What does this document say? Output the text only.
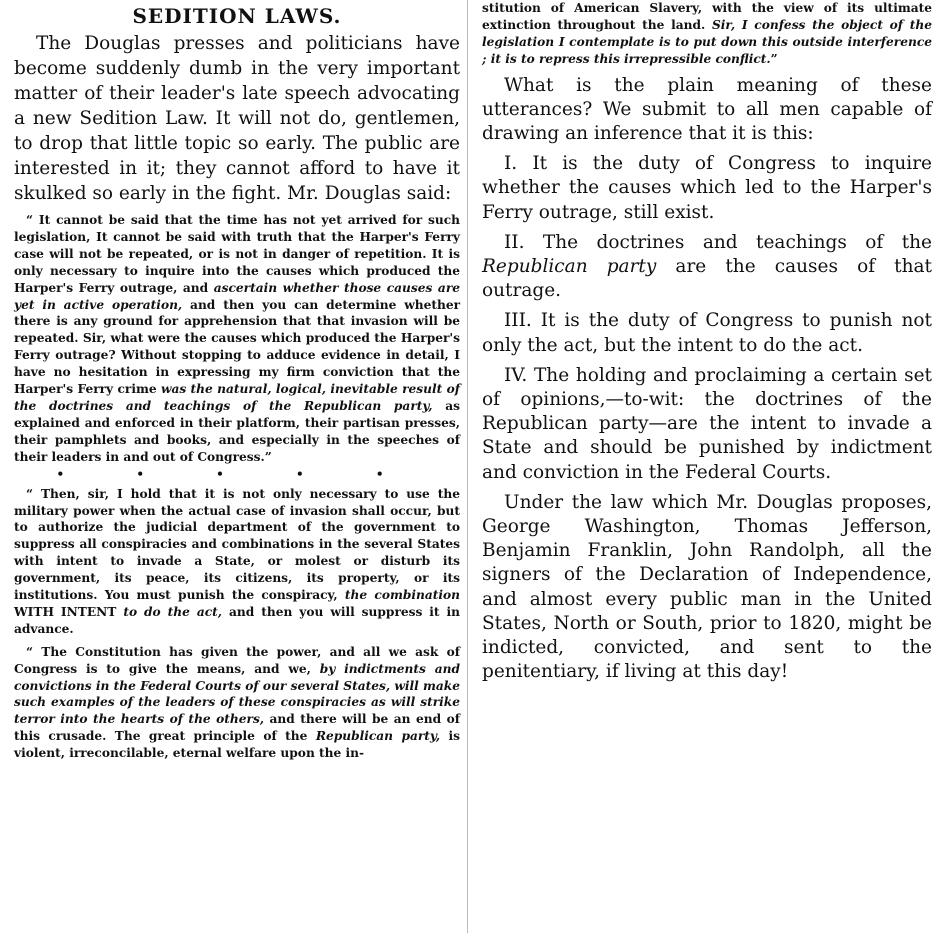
SEDITION LAWS.

The Douglas presses and politicians have become suddenly dumb in the very important matter of their leader's late speech advocating a new Sedition Law. It will not do, gentlemen, to drop that little topic so early. The public are interested in it; they cannot afford to have it skulked so early in the fight. Mr. Douglas said:

“ It cannot be said that the time has not yet arrived for such legislation, It cannot be said with truth that the Harper's Ferry case will not be repeated, or is not in danger of repetition. It is only necessary to inquire into the causes which produced the Harper's Ferry outrage, and ascertain whether those causes are yet in active operation, and then you can determine whether there is any ground for apprehension that that invasion will be repeated. Sir, what were the causes which produced the Harper's Ferry outrage? Without stopping to adduce evidence in detail, I have no hesitation in expressing my firm conviction that the Harper's Ferry crime was the natural, logical, inevitable result of the doctrines and teachings of the Republican party, as explained and enforced in their platform, their partisan presses, their pamphlets and books, and especially in the speeches of their leaders in and out of Congress.”

• • • • •

“ Then, sir, I hold that it is not only necessary to use the military power when the actual case of invasion shall occur, but to authorize the judicial department of the government to suppress all conspiracies and combinations in the several States with intent to invade a State, or molest or disturb its government, its peace, its citizens, its property, or its institutions. You must punish the conspiracy, the combination WITH INTENT to do the act, and then you will suppress it in advance.

“ The Constitution has given the power, and all we ask of Congress is to give the means, and we, by indictments and convictions in the Federal Courts of our several States, will make such examples of the leaders of these conspiracies as will strike terror into the hearts of the others, and there will be an end of this crusade. The great principle of the Republican party, is violent, irreconcilable, eternal welfare upon the in-

stitution of American Slavery, with the view of its ultimate extinction throughout the land. Sir, I confess the object of the legislation I contemplate is to put down this outside interference ; it is to repress this irrepressible conflict.”

What is the plain meaning of these utterances? We submit to all men capable of drawing an inference that it is this:

I. It is the duty of Congress to inquire whether the causes which led to the Harper's Ferry outrage, still exist.

II. The doctrines and teachings of the Republican party are the causes of that outrage.

III. It is the duty of Congress to punish not only the act, but the intent to do the act.

IV. The holding and proclaiming a certain set of opinions,—to-wit: the doctrines of the Republican party—are the intent to invade a State and should be punished by indictment and conviction in the Federal Courts.

Under the law which Mr. Douglas proposes, George Washington, Thomas Jefferson, Benjamin Franklin, John Randolph, all the signers of the Declaration of Independence, and almost every public man in the United States, North or South, prior to 1820, might be indicted, convicted, and sent to the penitentiary, if living at this day!
